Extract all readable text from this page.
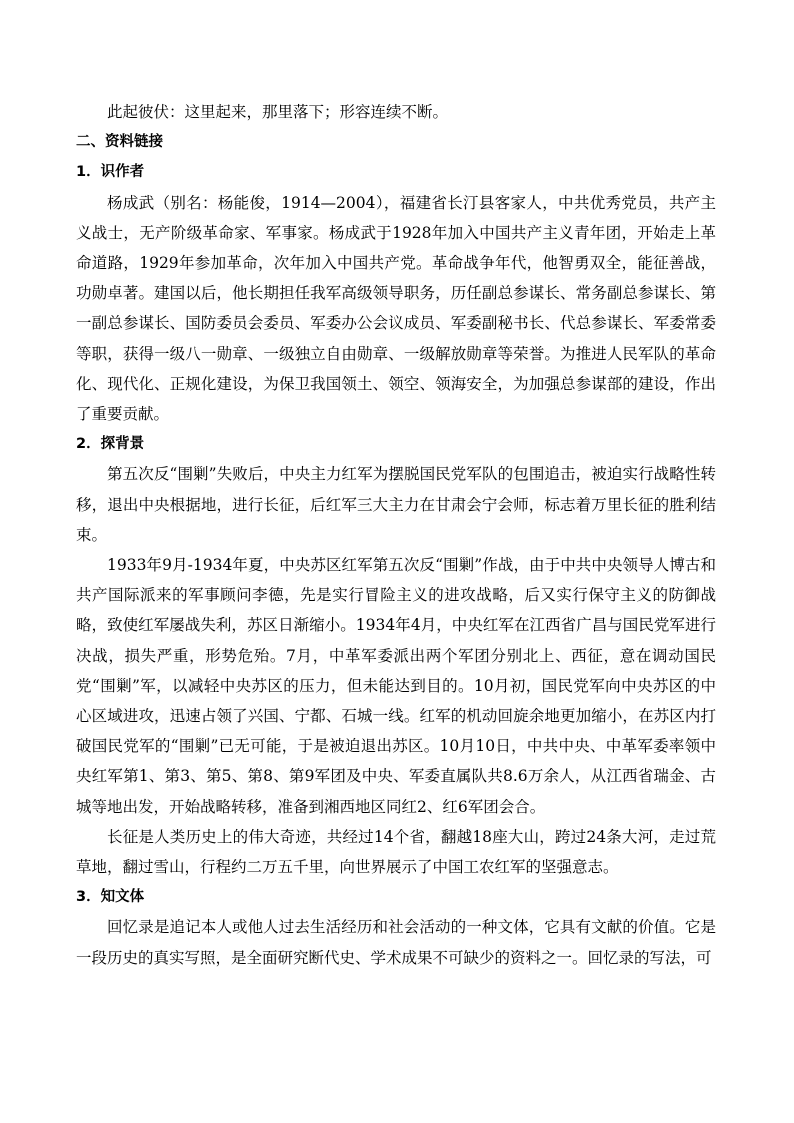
此起彼伏：这里起来，那里落下；形容连续不断。

二、资料链接

1．识作者

杨成武（别名：杨能俊，1914—2004），福建省长汀县客家人，中共优秀党员，共产主义战士，无产阶级革命家、军事家。杨成武于1928年加入中国共产主义青年团，开始走上革命道路，1929年参加革命，次年加入中国共产党。革命战争年代，他智勇双全，能征善战，功勋卓著。建国以后，他长期担任我军高级领导职务，历任副总参谋长、常务副总参谋长、第一副总参谋长、国防委员会委员、军委办公会议成员、军委副秘书长、代总参谋长、军委常委等职，获得一级八一勋章、一级独立自由勋章、一级解放勋章等荣誉。为推进人民军队的革命化、现代化、正规化建设，为保卫我国领土、领空、领海安全，为加强总参谋部的建设，作出了重要贡献。

2．探背景

第五次反“围剿”失败后，中央主力红军为摆脱国民党军队的包围追击，被迫实行战略性转移，退出中央根据地，进行长征，后红军三大主力在甘肃会宁会师，标志着万里长征的胜利结束。

1933年9月-1934年夏，中央苏区红军第五次反“围剿”作战，由于中共中央领导人博古和共产国际派来的军事顾问李德，先是实行冒险主义的进攻战略，后又实行保守主义的防御战略，致使红军屡战失利，苏区日渐缩小。1934年4月，中央红军在江西省广昌与国民党军进行决战，损失严重，形势危殆。7月，中革军委派出两个军团分别北上、西征，意在调动国民党“围剿”军，以减轻中央苏区的压力，但未能达到目的。10月初，国民党军向中央苏区的中心区域进攻，迅速占领了兴国、宁都、石城一线。红军的机动回旋余地更加缩小，在苏区内打破国民党军的“围剿”已无可能，于是被迫退出苏区。10月10日，中共中央、中革军委率领中央红军第1、第3、第5、第8、第9军团及中央、军委直属队共8.6万余人，从江西省瑞金、古城等地出发，开始战略转移，准备到湘西地区同红2、红6军团会合。

长征是人类历史上的伟大奇迹，共经过14个省，翻越18座大山，跨过24条大河，走过荒草地，翻过雪山，行程约二万五千里，向世界展示了中国工农红军的坚强意志。

3．知文体

回忆录是追记本人或他人过去生活经历和社会活动的一种文体，它具有文献的价值。它是一段历史的真实写照，是全面研究断代史、学术成果不可缺少的资料之一。回忆录的写法，可
